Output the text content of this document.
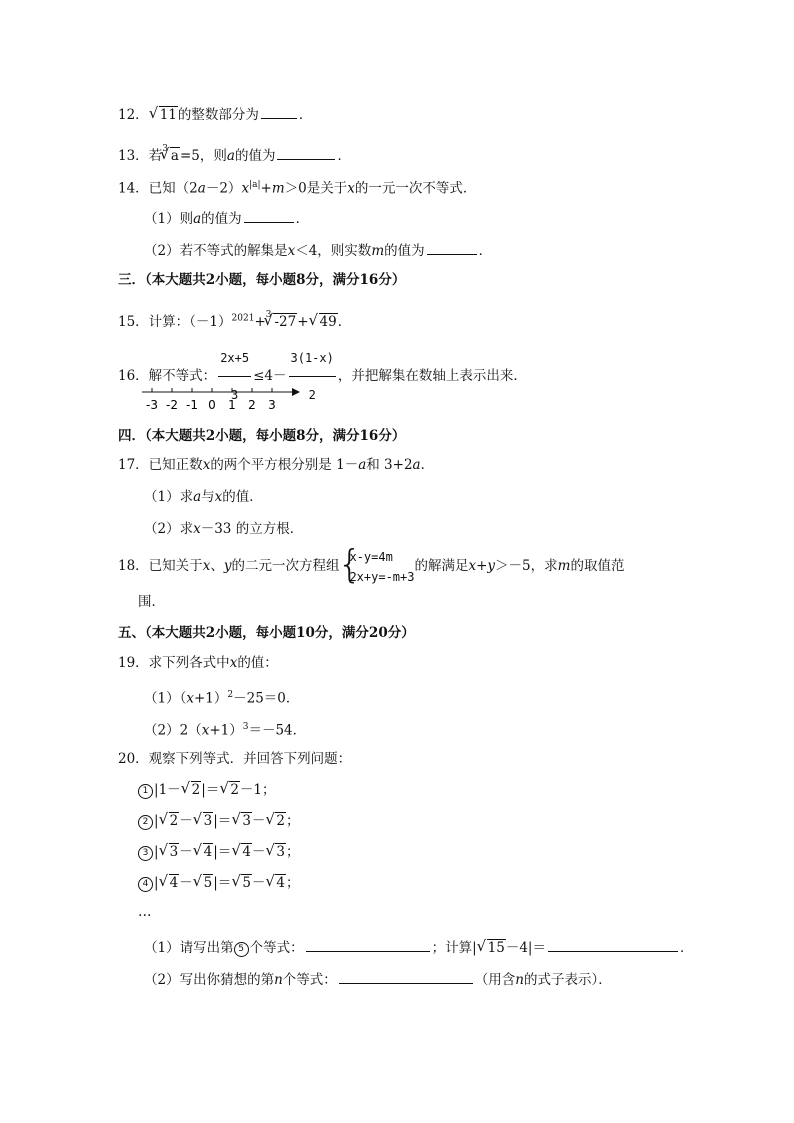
12．√ 11的整数部分为	．
13．若$^3$√ a=5，则a的值为	．
14．已知$(2a-2)x^{|a|}+m>0$是关于x的一元一次不等式．
（1）则a的值为	．
（2）若不等式的解集是x＜4，则实数m的值为	．
三．（本大题共2小题，每小题8分，满分16分）
15．计算：$(-1)^{2021}+^3√$ -27+√ 49．
16．解不等式： $\frac{2x+5}{3} \le 4- \frac{3(1-x)}{2}$ ，并把解集在数轴上表示出来．
-3 -2 -1 0 1 2 3
四．（本大题共2小题，每小题8分，满分16分）
17．已知正数x的两个平方根分别是 1－a和 3+2a．
（1）求a与x的值．
（2）求x－33 的立方根．
18．已知关于x、y的二元一次方程组
{
x-y=4m
2x+y=-m+3
的解满足x+y＞－5，求m的取值范
围．
五、（本大题共2小题，每小题10分，满分20分）
19．求下列各式中x的值：
$(1)(x+1)^2-25=0$．
$(2)2(x+1)^3=-54$．
20．观察下列等式．并回答下列问题：
1 |1－√ 2|＝√ 2－1；
2 |√ 2－√ 3|＝√ 3－√ 2；
3 |√ 3－√ 4|＝√ 4－√ 3；
4 |√ 4－√ 5|＝√ 5－√ 4；
…
（1）请写出第 5 个等式：	；计算|√ 15－4|＝	．
（2）写出你猜想的第n个等式：	（用含n的式子表示）．
